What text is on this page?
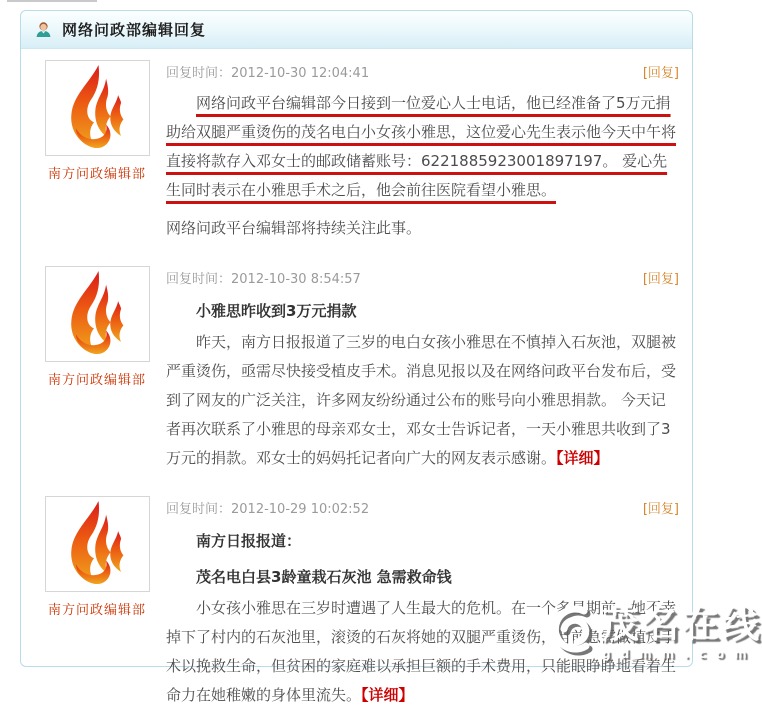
网络问政部编辑回复
南方问政编辑部
回复时间：2012-10-30 12:04:41	[回复]

网络问政平台编辑部今日接到一位爱心人士电话，他已经准备了5万元捐助给双腿严重烫伤的茂名电白小女孩小雅思，这位爱心先生表示他今天中午将直接将款存入邓女士的邮政储蓄账号：6221885923001897197。 爱心先生同时表示在小雅思手术之后，他会前往医院看望小雅思。

网络问政平台编辑部将持续关注此事。

南方问政编辑部
回复时间：2012-10-30 8:54:57	[回复]
小雅思昨收到3万元捐款

昨天，南方日报报道了三岁的电白女孩小雅思在不慎掉入石灰池，双腿被严重烫伤，亟需尽快接受植皮手术。消息见报以及在网络问政平台发布后，受到了网友的广泛关注，许多网友纷纷通过公布的账号向小雅思捐款。 今天记者再次联系了小雅思的母亲邓女士，邓女士告诉记者，一天小雅思共收到了3万元的捐款。邓女士的妈妈托记者向广大的网友表示感谢。【详细】

南方问政编辑部
回复时间：2012-10-29 10:02:52	[回复]
南方日报报道：
茂名电白县3龄童栽石灰池 急需救命钱

小女孩小雅思在三岁时遭遇了人生最大的危机。在一个多星期前，她不幸掉下了村内的石灰池里，滚烫的石灰将她的双腿严重烫伤，目前急需做植皮手术以挽救生命，但贫困的家庭难以承担巨额的手术费用，只能眼睁睁地看着生命力在她稚嫩的身体里流失。【详细】

茂名在线
gdmm.com
